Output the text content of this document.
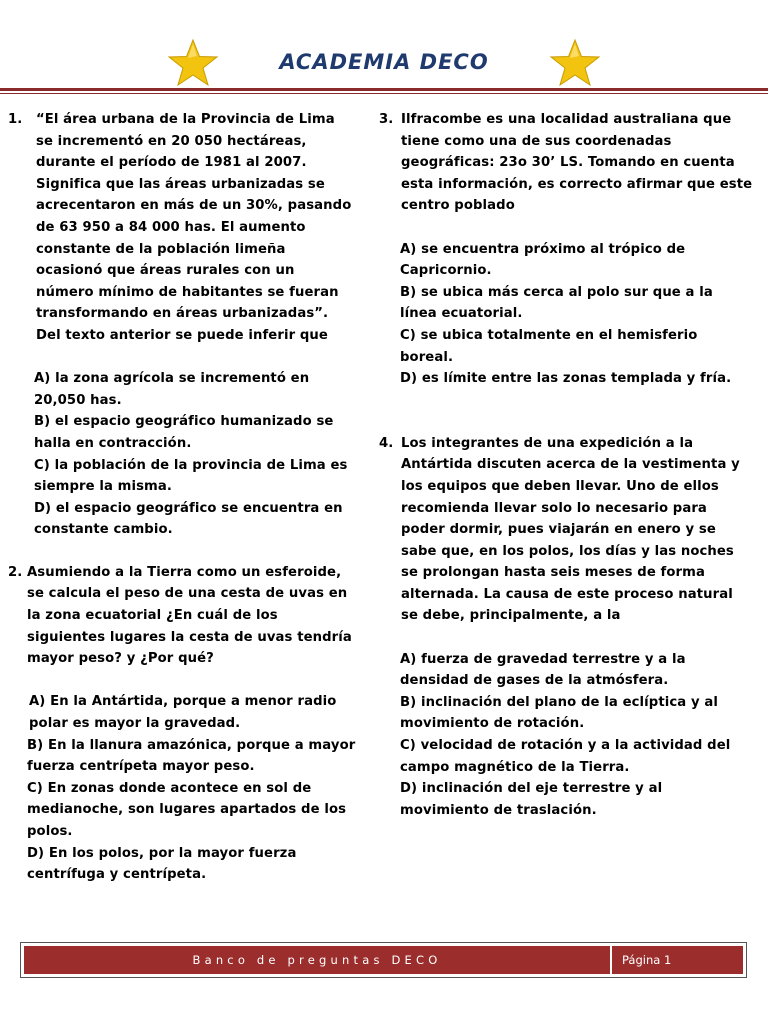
ACADEMIA DECO
1. “El área urbana de la Provincia de Lima se incrementó en 20 050 hectáreas, durante el período de 1981 al 2007. Significa que las áreas urbanizadas se acrecentaron en más de un 30%, pasando de 63 950 a 84 000 has. El aumento constante de la población limeña ocasionó que áreas rurales con un número mínimo de habitantes se fueran transformando en áreas urbanizadas”. Del texto anterior se puede inferir que
A) la zona agrícola se incrementó en 20,050 has.
B) el espacio geográfico humanizado se halla en contracción.
C) la población de la provincia de Lima es siempre la misma.
D) el espacio geográfico se encuentra en constante cambio.
2. Asumiendo a la Tierra como un esferoide, se calcula el peso de una cesta de uvas en la zona ecuatorial ¿En cuál de los siguientes lugares la cesta de uvas tendría mayor peso? y ¿Por qué?
A) En la Antártida, porque a menor radio polar es mayor la gravedad.
B) En la llanura amazónica, porque a mayor fuerza centrípeta mayor peso.
C) En zonas donde acontece en sol de medianoche, son lugares apartados de los polos.
D) En los polos, por la mayor fuerza centrífuga y centrípeta.
3. Ilfracombe es una localidad australiana que tiene como una de sus coordenadas geográficas: 23o 30’ LS. Tomando en cuenta esta información, es correcto afirmar que este centro poblado
A) se encuentra próximo al trópico de Capricornio.
B) se ubica más cerca al polo sur que a la línea ecuatorial.
C) se ubica totalmente en el hemisferio boreal.
D) es límite entre las zonas templada y fría.
4. Los integrantes de una expedición a la Antártida discuten acerca de la vestimenta y los equipos que deben llevar. Uno de ellos recomienda llevar solo lo necesario para poder dormir, pues viajarán en enero y se sabe que, en los polos, los días y las noches se prolongan hasta seis meses de forma alternada. La causa de este proceso natural se debe, principalmente, a la
A) fuerza de gravedad terrestre y a la densidad de gases de la atmósfera.
B) inclinación del plano de la eclíptica y al movimiento de rotación.
C) velocidad de rotación y a la actividad del campo magnético de la Tierra.
D) inclinación del eje terrestre y al movimiento de traslación.
Banco de preguntas DECO	Página 1
